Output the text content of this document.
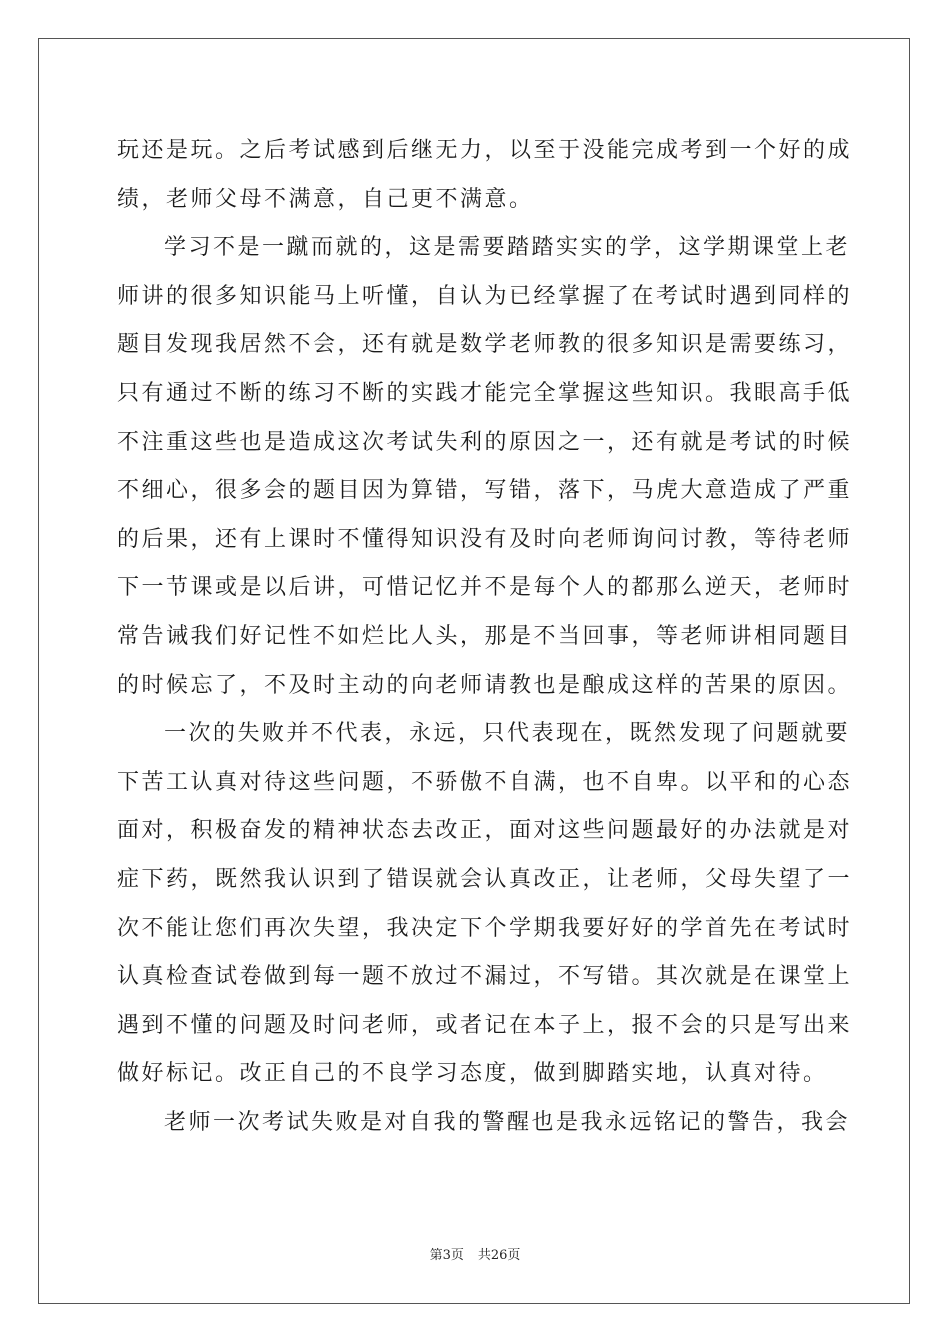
玩还是玩。之后考试感到后继无力，以至于没能完成考到一个好的成
绩，老师父母不满意，自己更不满意。
学习不是一蹴而就的，这是需要踏踏实实的学，这学期课堂上老
师讲的很多知识能马上听懂，自认为已经掌握了在考试时遇到同样的
题目发现我居然不会，还有就是数学老师教的很多知识是需要练习，
只有通过不断的练习不断的实践才能完全掌握这些知识。我眼高手低
不注重这些也是造成这次考试失利的原因之一，还有就是考试的时候
不细心，很多会的题目因为算错，写错，落下，马虎大意造成了严重
的后果，还有上课时不懂得知识没有及时向老师询问讨教，等待老师
下一节课或是以后讲，可惜记忆并不是每个人的都那么逆天，老师时
常告诫我们好记性不如烂比人头，那是不当回事，等老师讲相同题目
的时候忘了，不及时主动的向老师请教也是酿成这样的苦果的原因。
一次的失败并不代表，永远，只代表现在，既然发现了问题就要
下苦工认真对待这些问题，不骄傲不自满，也不自卑。以平和的心态
面对，积极奋发的精神状态去改正，面对这些问题最好的办法就是对
症下药，既然我认识到了错误就会认真改正，让老师，父母失望了一
次不能让您们再次失望，我决定下个学期我要好好的学首先在考试时
认真检查试卷做到每一题不放过不漏过，不写错。其次就是在课堂上
遇到不懂的问题及时问老师，或者记在本子上，报不会的只是写出来
做好标记。改正自己的不良学习态度，做到脚踏实地，认真对待。
老师一次考试失败是对自我的警醒也是我永远铭记的警告，我会
第3页 共26页
